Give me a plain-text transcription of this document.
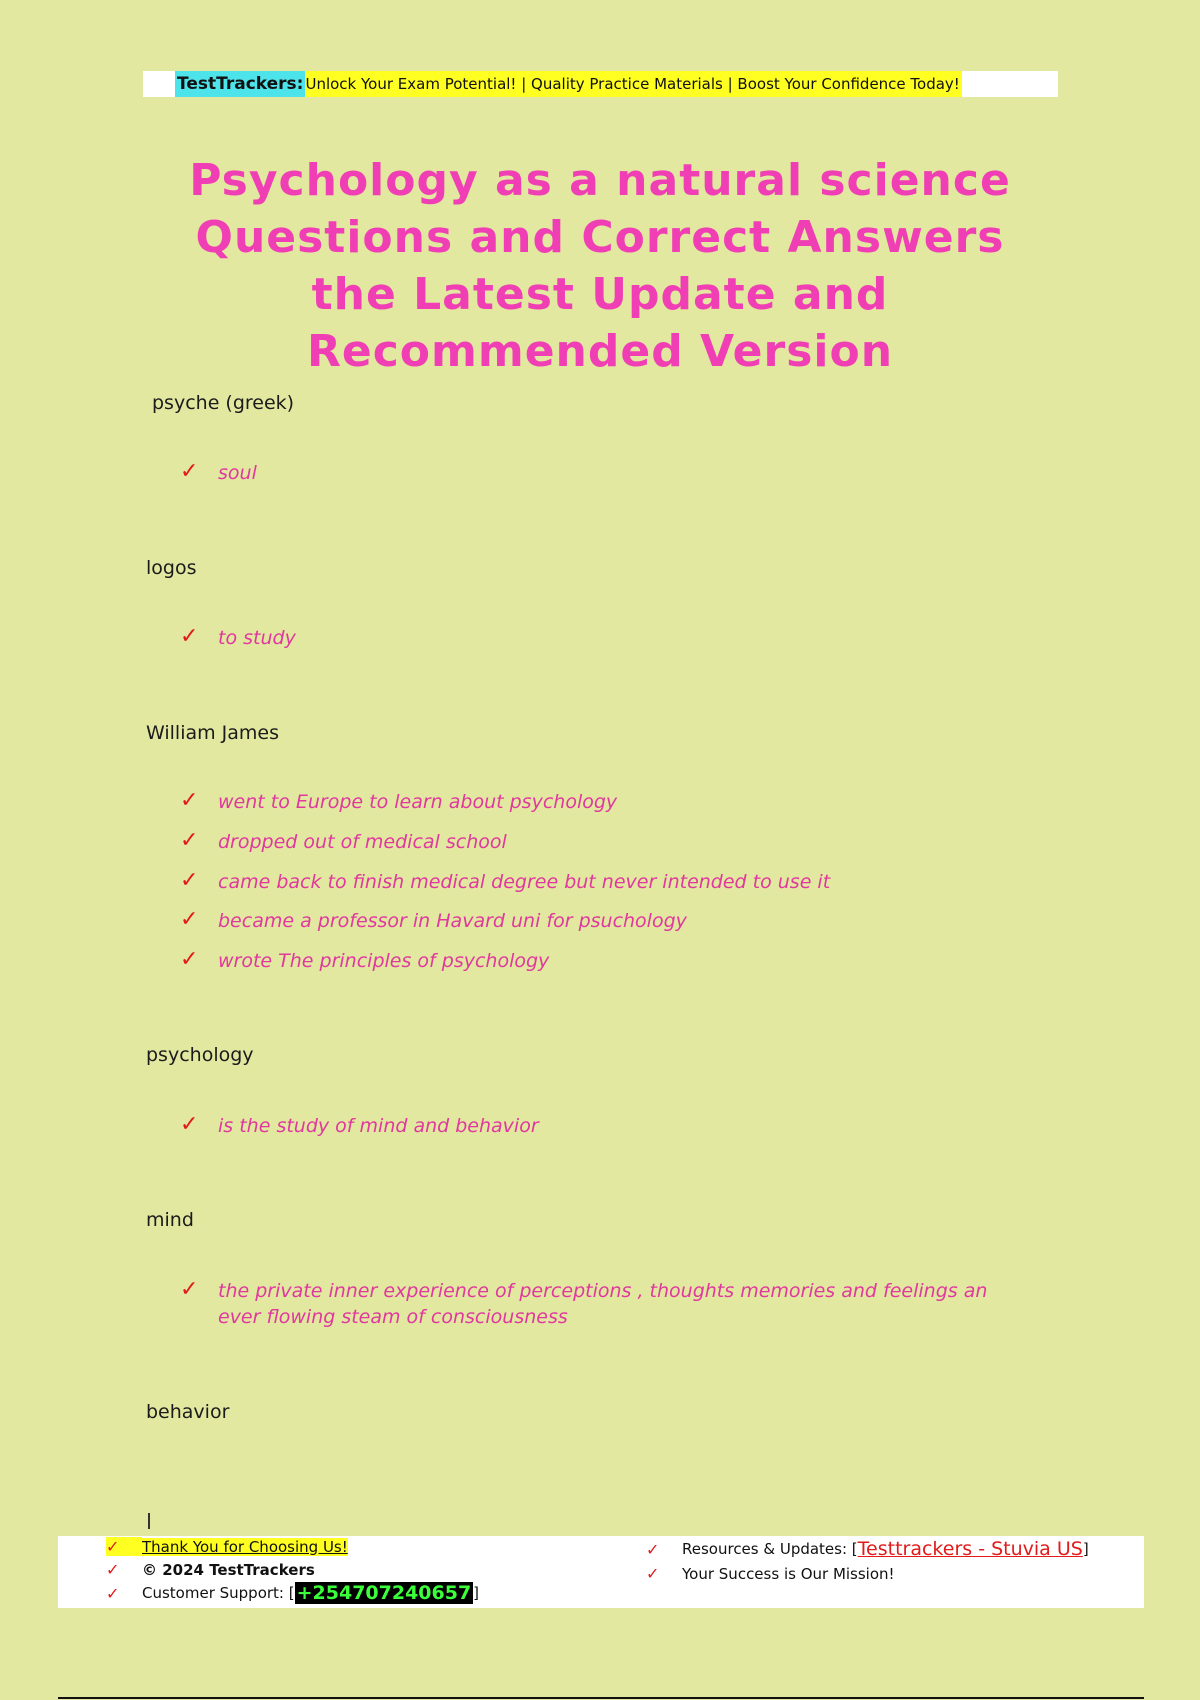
TestTrackers: Unlock Your Exam Potential! | Quality Practice Materials | Boost Your Confidence Today!
Psychology as a natural science Questions and Correct Answers the Latest Update and Recommended Version
psyche (greek)
✓	soul
logos
✓	to study
William James
✓	went to Europe to learn about psychology
✓	dropped out of medical school
✓	came back to finish medical degree but never intended to use it
✓	became a professor in Havard uni for psuchology
✓	wrote The principles of psychology
psychology
✓	is the study of mind and behavior
mind
✓	the private inner experience of perceptions , thoughts memories and feelings an ever flowing steam of consciousness
behavior
✓	Thank You for Choosing Us!
✓	© 2024 TestTrackers
✓	Customer Support: [ +254707240657 ]
✓	Resources & Updates: [ Testtrackers - Stuvia US ]
✓	Your Success is Our Mission!
